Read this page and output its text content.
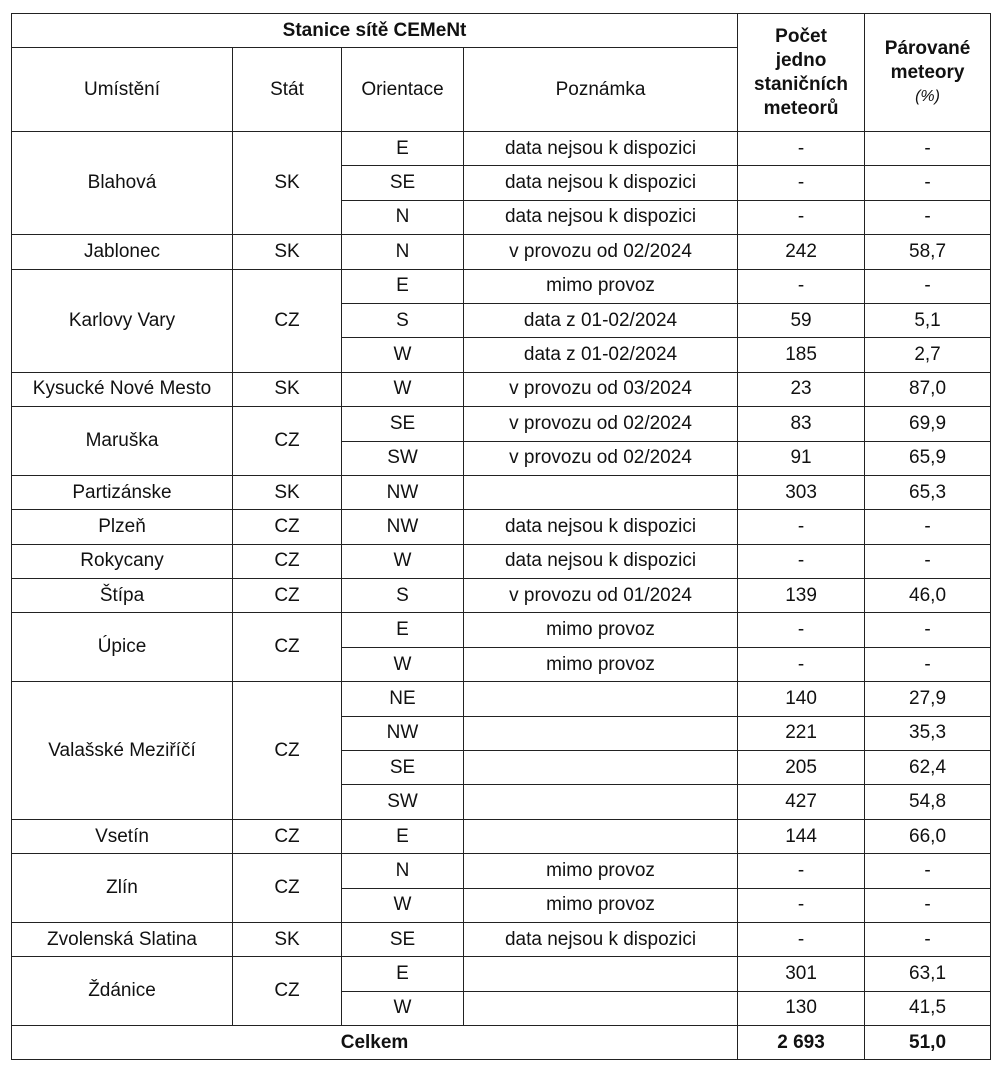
Stanice sítě CEMeNt				Počet
jedno
staničních
meteorů	Párované
meteory
(%)

Umístění	Stát	Orientace	Poznámka		
Blahová	SK	E	data nejsou k dispozici	-	-
		SE	data nejsou k dispozici	-	-
		N	data nejsou k dispozici	-	-
Jablonec	SK	N	v provozu od 02/2024	242	58,7
Karlovy Vary	CZ	E	mimo provoz	-	-
		S	data z 01-02/2024	59	5,1
		W	data z 01-02/2024	185	2,7
Kysucké Nové Mesto	SK	W	v provozu od 03/2024	23	87,0
Maruška	CZ	SE	v provozu od 02/2024	83	69,9
		SW	v provozu od 02/2024	91	65,9
Partizánske	SK	NW		303	65,3
Plzeň	CZ	NW	data nejsou k dispozici	-	-
Rokycany	CZ	W	data nejsou k dispozici	-	-
Štípa	CZ	S	v provozu od 01/2024	139	46,0
Úpice	CZ	E	mimo provoz	-	-
		W	mimo provoz	-	-
Valašské Meziříčí	CZ	NE		140	27,9
		NW		221	35,3
		SE		205	62,4
		SW		427	54,8
Vsetín	CZ	E		144	66,0
Zlín	CZ	N	mimo provoz	-	-
		W	mimo provoz	-	-
Zvolenská Slatina	SK	SE	data nejsou k dispozici	-	-
Ždánice	CZ	E		301	63,1
		W		130	41,5
Celkem				2 693	51,0
